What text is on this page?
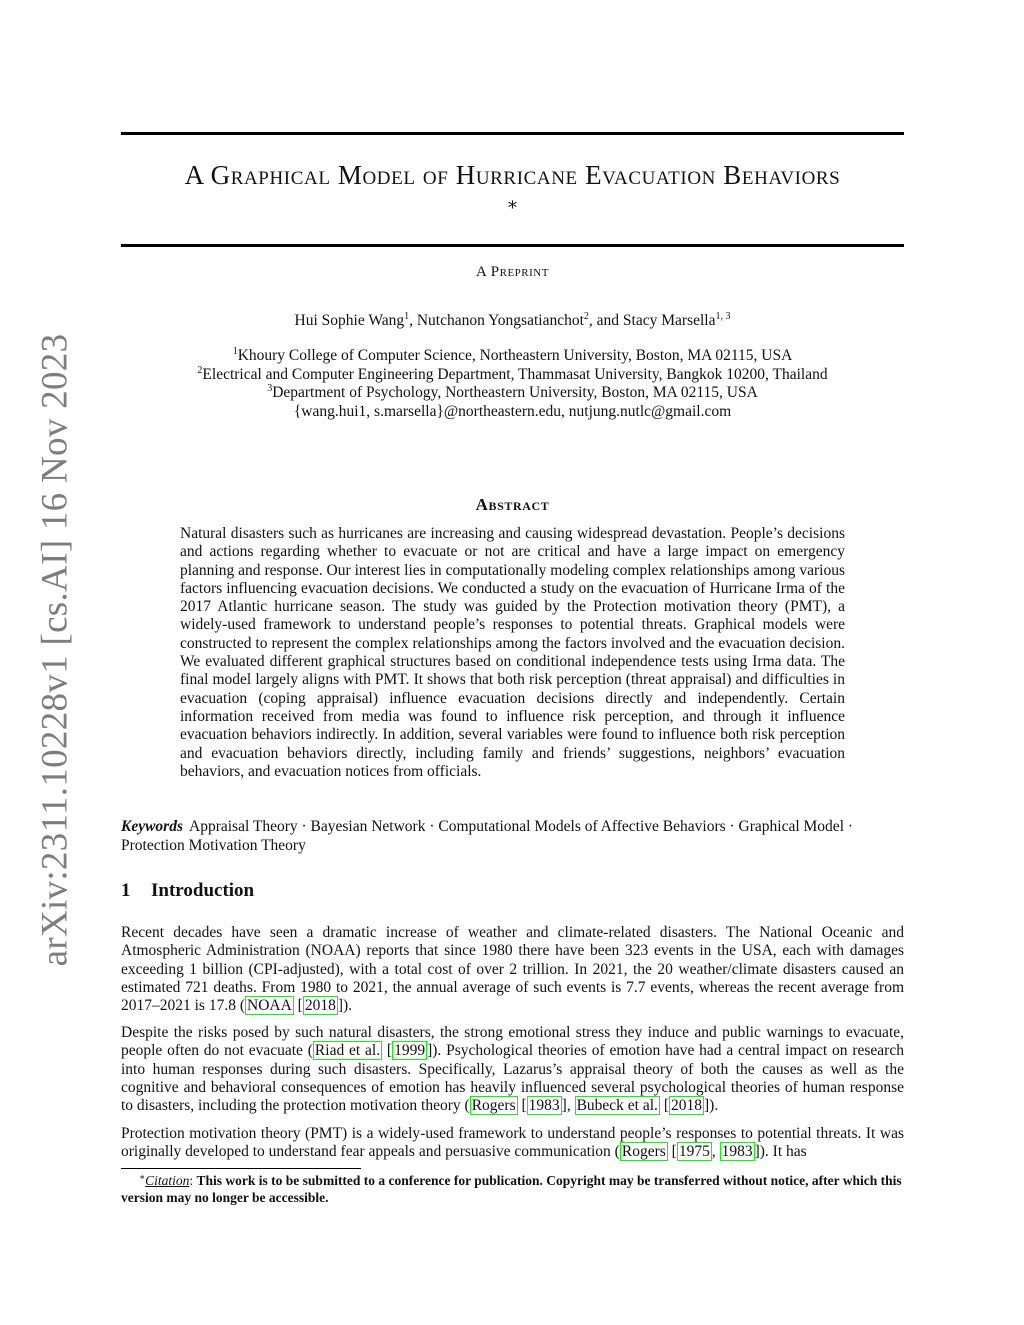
arXiv:2311.10228v1 [cs.AI] 16 Nov 2023
A Graphical Model of Hurricane Evacuation Behaviors
∗
A Preprint
Hui Sophie Wang$^1$, Nutchanon Yongsatianchot$^2$, and Stacy Marsella$^{1, 3}$
$^1$Khoury College of Computer Science, Northeastern University, Boston, MA 02115, USA
$^2$Electrical and Computer Engineering Department, Thammasat University, Bangkok 10200, Thailand
$^3$Department of Psychology, Northeastern University, Boston, MA 02115, USA
{wang.hui1, s.marsella}@northeastern.edu, nutjung.nutlc@gmail.com
Abstract

Natural disasters such as hurricanes are increasing and causing widespread devastation. People’s decisions and actions regarding whether to evacuate or not are critical and have a large impact on emergency planning and response. Our interest lies in computationally modeling complex relationships among various factors influencing evacuation decisions. We conducted a study on the evacuation of Hurricane Irma of the 2017 Atlantic hurricane season. The study was guided by the Protection motivation theory (PMT), a widely-used framework to understand people’s responses to potential threats. Graphical models were constructed to represent the complex relationships among the factors involved and the evacuation decision. We evaluated different graphical structures based on conditional independence tests using Irma data. The final model largely aligns with PMT. It shows that both risk perception (threat appraisal) and difficulties in evacuation (coping appraisal) influence evacuation decisions directly and independently. Certain information received from media was found to influence risk perception, and through it influence evacuation behaviors indirectly. In addition, several variables were found to influence both risk perception and evacuation behaviors directly, including family and friends’ suggestions, neighbors’ evacuation behaviors, and evacuation notices from officials.

Keywords Appraisal Theory · Bayesian Network · Computational Models of Affective Behaviors · Graphical Model · Protection Motivation Theory

1 Introduction

Recent decades have seen a dramatic increase of weather and climate-related disasters. The National Oceanic and Atmospheric Administration (NOAA) reports that since 1980 there have been 323 events in the USA, each with damages exceeding 1 billion (CPI-adjusted), with a total cost of over 2 trillion. In 2021, the 20 weather/climate disasters caused an estimated 721 deaths. From 1980 to 2021, the annual average of such events is 7.7 events, whereas the recent average from 2017–2021 is 17.8 ( NOAA [ 2018 ]).

Despite the risks posed by such natural disasters, the strong emotional stress they induce and public warnings to evacuate, people often do not evacuate ( Riad et al. [ 1999 ]). Psychological theories of emotion have had a central impact on research into human responses during such disasters. Specifically, Lazarus’s appraisal theory of both the causes as well as the cognitive and behavioral consequences of emotion has heavily influenced several psychological theories of human response to disasters, including the protection motivation theory ( Rogers [ 1983 ], Bubeck et al. [ 2018 ]).

Protection motivation theory (PMT) is a widely-used framework to understand people’s responses to potential threats. It was originally developed to understand fear appeals and persuasive communication ( Rogers [ 1975 , 1983 ]). It has

∗Citation: This work is to be submitted to a conference for publication. Copyright may be transferred without notice, after which this version may no longer be accessible.
